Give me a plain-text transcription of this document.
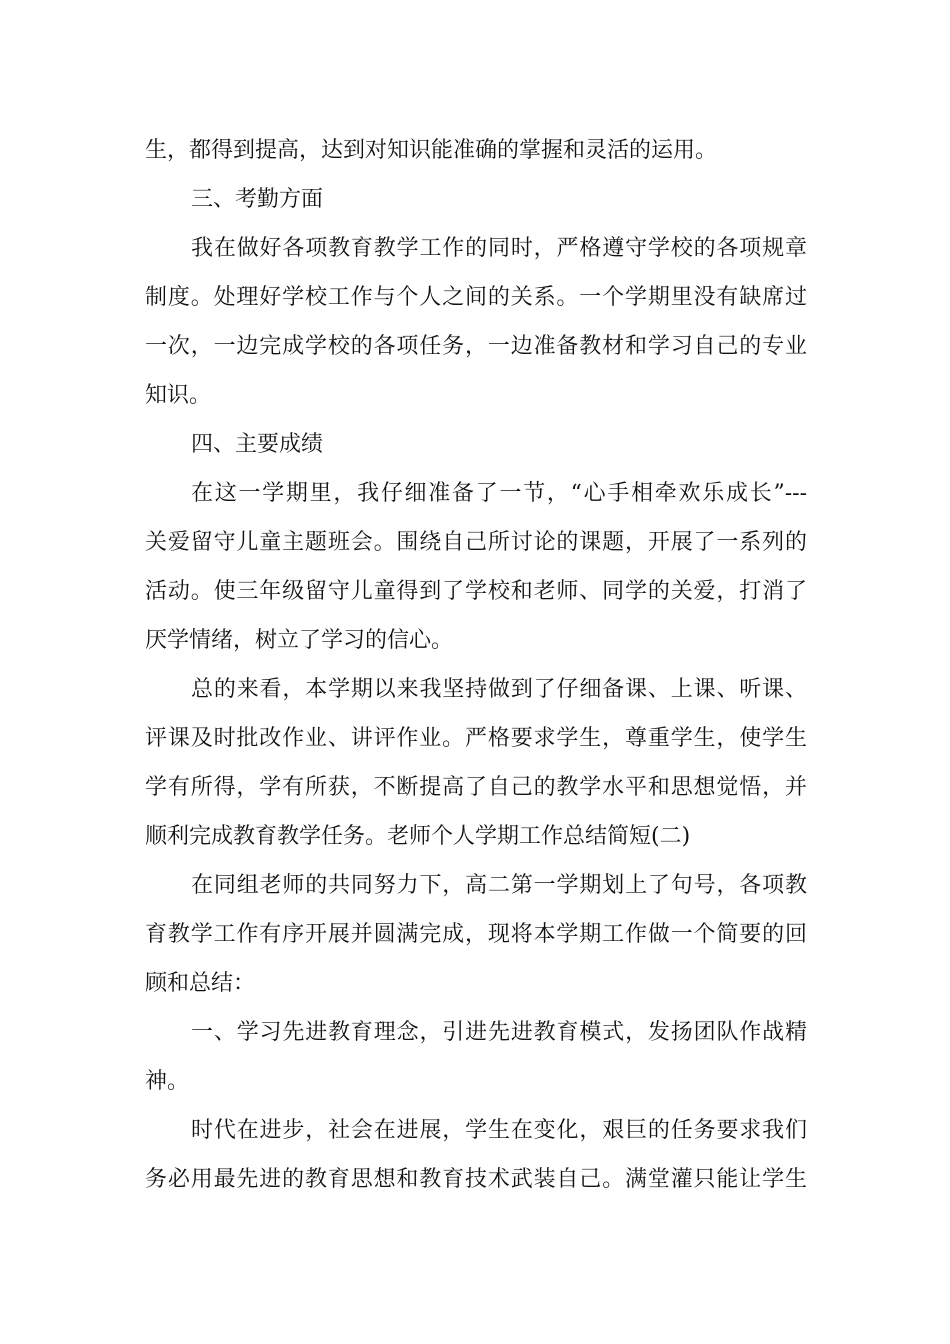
生，都得到提高，达到对知识能准确的掌握和灵活的运用。
三、考勤方面
我在做好各项教育教学工作的同时，严格遵守学校的各项规章
制度。处理好学校工作与个人之间的关系。一个学期里没有缺席过
一次，一边完成学校的各项任务，一边准备教材和学习自己的专业
知识。
四、主要成绩
在这一学期里，我仔细准备了一节，“心手相牵欢乐成长”---
关爱留守儿童主题班会。围绕自己所讨论的课题，开展了一系列的
活动。使三年级留守儿童得到了学校和老师、同学的关爱，打消了
厌学情绪，树立了学习的信心。
总的来看，本学期以来我坚持做到了仔细备课、上课、听课、
评课及时批改作业、讲评作业。严格要求学生，尊重学生，使学生
学有所得，学有所获，不断提高了自己的教学水平和思想觉悟，并
顺利完成教育教学任务。老师个人学期工作总结简短(二)
在同组老师的共同努力下，高二第一学期划上了句号，各项教
育教学工作有序开展并圆满完成，现将本学期工作做一个简要的回
顾和总结：
一、学习先进教育理念，引进先进教育模式，发扬团队作战精
神。
时代在进步，社会在进展，学生在变化，艰巨的任务要求我们
务必用最先进的教育思想和教育技术武装自己。满堂灌只能让学生
